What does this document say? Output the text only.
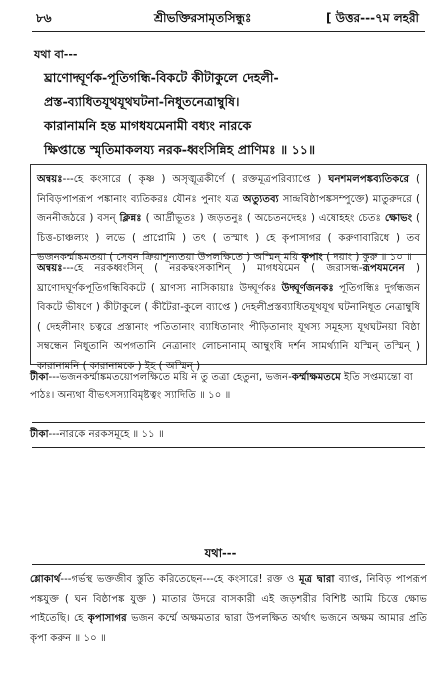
৮৬	শ্রীভক্তিরসামৃতসিন্ধুঃ	[ উত্তর---৭ম লহরী
যথা বা---
ঘ্রাণোদ্ঘূর্ণক-পূতিগন্ধি-বিকটে কীটাকুলে দেহলী-
প্রস্ত-ব্যাধিতযূথযূথঘটনা-নিধূ্তনেত্রাম্বুষি।
কারানামনি হন্ত মাগধযমেনামী বধ্যং নারকে
ক্ষিপ্তান্তে স্মৃতিমাকলয্য নরক-ধ্বংসিন্নিহ প্রাণিমঃ ॥ ১১॥

অন্বয়ঃ---হে কংসারে ( কৃষ্ণ ) অসৃঙ্মূত্রকীর্ণে ( রক্তমূত্রপরিব্যাপ্তে ) ঘনশমলপঙ্কব্যতিকরে ( নিবিড়পাপরূপ পঙ্কানাং ব্যতিকরঃ যৌনঃ পুনাং যত্র অত্যুতব্য সান্দ্রবিষ্ঠাপঙ্কসম্পুক্তে) মাতুরুদরে ( জননীজঠরে ) বসন্ ক্লিন্নঃ ( আর্দ্রীভূতঃ ) জড়তনুঃ ( অচেতনদেহঃ ) এষোহহং চেতঃ ক্ষোভং ( চিত্ত-চাঞ্চল্যং ) লভে ( প্রাপ্নোমি ) তৎ ( তস্মাৎ ) হে কৃপাসাগর ( করুণাবারিধে ) তব ভজনকর্ম্মাঙ্কমতয়া ( সেবন ক্রিয়াশূন্যতয়া উপলক্ষিতে ) অস্মিন্ ময়ি কৃপাং ( দয়াং ) কুরু ॥ ১০ ॥

অন্বয়ঃ---হে নরকধ্বংসিন্ ( নরকদ্বংসকাশিন্ ) মাগধযমেন ( জরাসন্ধ-রূপযমনেন ) ঘ্রাণোদঘূর্ণকপূতিগন্ধিবিকটে ( ঘ্রাণস্য নাসিকায়াঃ উদ্ঘূর্ণকঃ উদ্ঘূর্ণজনকঃ পূতিগন্ধিঃ দুর্গন্ধজন বিকটে ভীষণে ) কীটাকুলে ( কীটৈরা-কুলে ব্যাপ্তে ) দেহলীপ্রস্তব্যাধিতযূথযূথ ঘটনানিধূত নেত্রাম্বুষি ( দেহলীনাং চত্বরে প্রস্তানাং পতিতানাং ব্যাধিতানাং পীড়িতানাং যূথস্য সমূহস্য যূথঘটনয়া বিষ্ঠা সম্বন্ধেন নিধূ্তানি অপগতানি নেত্রানাং লোচনানাম্ আম্বুংষি দর্শন সামর্থ্যানি যস্মিন্ তস্মিন্ ) কারানামনি ( কারানামকে ) ইহ ( অস্মিন্ )

টীকা---ভজনকর্ম্মাঙ্কমতয়োপলক্ষিতে ময়ি ন তু তত্রা হেতুনা, ভজন-কর্ম্মাক্ষমতমে ইতি সপ্তম্যন্তো বা পাঠঃ। অন্যথা বীভৎসস্যাবিমৃষ্টত্বং স্যাদিতি ॥ ১০ ॥
টীকা---নারকে নরকসমূহে ॥ ১১ ॥
যথা---
শ্লোকার্থ---গর্ভস্থ ভক্তজীব স্তুতি করিতেছেন---হে কংসারে! রক্ত ও মূত্র দ্বারা ব্যাপ্ত, নিবিড় পাপরূপ পঙ্কযুক্ত ( ঘন বিষ্ঠাপঙ্ক যুক্ত ) মাতার উদরে বাসকারী এই জড়শরীর বিশিষ্ট আমি চিত্তে ক্ষোভ পাইতেছি। হে কৃপাসাগর ভজন কর্ম্মে অক্ষমতার দ্বারা উপলক্ষিত অর্থাৎ ভজনে অক্ষম আমার প্রতি কৃপা করুন ॥ ১০ ॥
